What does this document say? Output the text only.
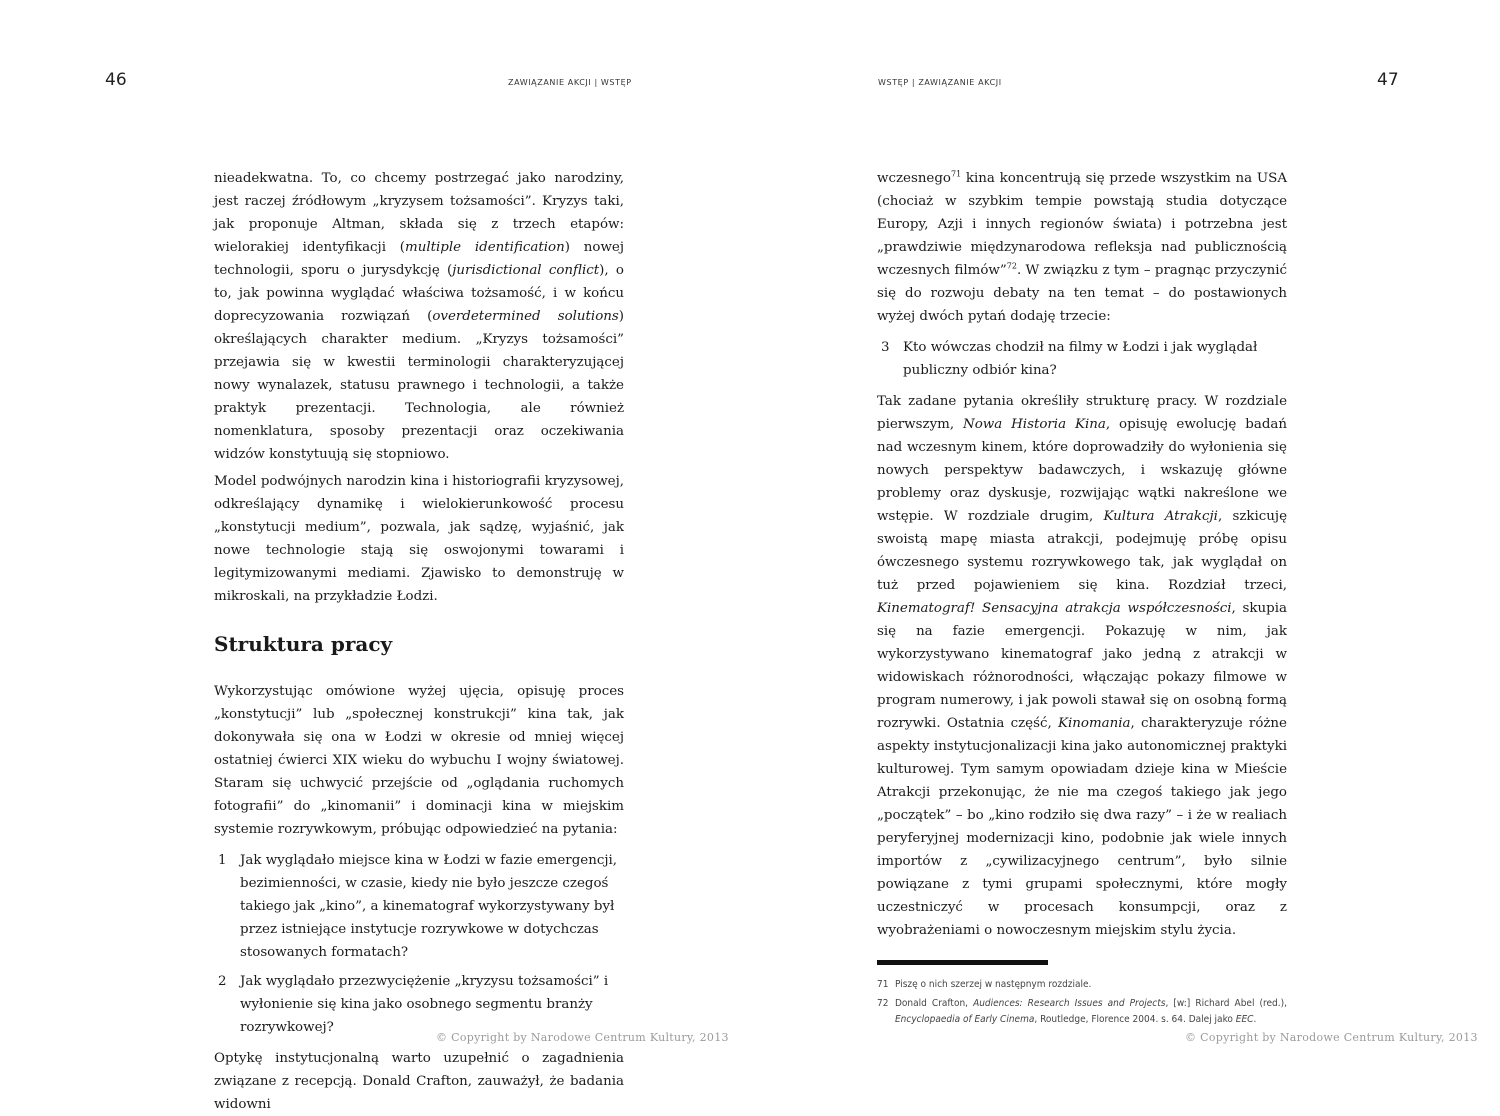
46	ZAWIĄZANIE AKCJI | WSTĘP

nieadekwatna. To, co chcemy postrzegać jako narodziny, jest raczej źródłowym „kryzysem tożsamości”. Kryzys taki, jak proponuje Altman, składa się z trzech etapów: wielorakiej identyfikacji (multiple identification) nowej technologii, sporu o jurysdykcję (jurisdictional conflict), o to, jak powinna wyglądać właściwa tożsamość, i w końcu doprecyzowania rozwiązań (overdetermined solutions) określających charakter medium. „Kryzys tożsamości” przejawia się w kwestii terminologii charakteryzującej nowy wynalazek, statusu prawnego i technologii, a także praktyk prezentacji. Technologia, ale również nomenklatura, sposoby prezentacji oraz oczekiwania widzów konstytuują się stopniowo.

Model podwójnych narodzin kina i historiografii kryzysowej, odkreślający dynamikę i wielokierunkowość procesu „konstytucji medium”, pozwala, jak sądzę, wyjaśnić, jak nowe technologie stają się oswojonymi towarami i legitymizowanymi mediami. Zjawisko to demonstruję w mikroskali, na przykładzie Łodzi.

Struktura pracy

Wykorzystując omówione wyżej ujęcia, opisuję proces „konstytucji” lub „społecznej konstrukcji” kina tak, jak dokonywała się ona w Łodzi w okresie od mniej więcej ostatniej ćwierci XIX wieku do wybuchu I wojny światowej. Staram się uchwycić przejście od „oglądania ruchomych fotografii” do „kinomanii” i dominacji kina w miejskim systemie rozrywkowym, próbując odpowiedzieć na pytania:

1	Jak wyglądało miejsce kina w Łodzi w fazie emergencji, bezimienności, w czasie, kiedy nie było jeszcze czegoś takiego jak „kino”, a kinematograf wykorzystywany był przez istniejące instytucje rozrywkowe w dotychczas stosowanych formatach?
2	Jak wyglądało przezwyciężenie „kryzysu tożsamości” i wyłonienie się kina jako osobnego segmentu branży rozrywkowej?

Optykę instytucjonalną warto uzupełnić o zagadnienia związane z recepcją. Donald Crafton, zauważył, że badania widowni

© Copyright by Narodowe Centrum Kultury, 2013
WSTĘP | ZAWIĄZANIE AKCJI	47

wczesnego$^{71}$ kina koncentrują się przede wszystkim na USA (chociaż w szybkim tempie powstają studia dotyczące Europy, Azji i innych regionów świata) i potrzebna jest „prawdziwie międzynarodowa refleksja nad publicznością wczesnych filmów”$^{72}$. W związku z tym – pragnąc przyczynić się do rozwoju debaty na ten temat – do postawionych wyżej dwóch pytań dodaję trzecie:

3	Kto wówczas chodził na filmy w Łodzi i jak wyglądał publiczny odbiór kina?

Tak zadane pytania określiły strukturę pracy. W rozdziale pierwszym, Nowa Historia Kina, opisuję ewolucję badań nad wczesnym kinem, które doprowadziły do wyłonienia się nowych perspektyw badawczych, i wskazuję główne problemy oraz dyskusje, rozwijając wątki nakreślone we wstępie. W rozdziale drugim, Kultura Atrakcji, szkicuję swoistą mapę miasta atrakcji, podejmuję próbę opisu ówczesnego systemu rozrywkowego tak, jak wyglądał on tuż przed pojawieniem się kina. Rozdział trzeci, Kinematograf! Sensacyjna atrakcja współczesności, skupia się na fazie emergencji. Pokazuję w nim, jak wykorzystywano kinematograf jako jedną z atrakcji w widowiskach różnorodności, włączając pokazy filmowe w program numerowy, i jak powoli stawał się on osobną formą rozrywki. Ostatnia część, Kinomania, charakteryzuje różne aspekty instytucjonalizacji kina jako autonomicznej praktyki kulturowej. Tym samym opowiadam dzieje kina w Mieście Atrakcji przekonując, że nie ma czegoś takiego jak jego „początek” – bo „kino rodziło się dwa razy” – i że w realiach peryferyjnej modernizacji kino, podobnie jak wiele innych importów z „cywilizacyjnego centrum”, było silnie powiązane z tymi grupami społecznymi, które mogły uczestniczyć w procesach konsumpcji, oraz z wyobrażeniami o nowoczesnym miejskim stylu życia.

71 Piszę o nich szerzej w następnym rozdziale.
72 Donald Crafton, Audiences: Research Issues and Projects, [w:] Richard Abel (red.), Encyclopaedia of Early Cinema, Routledge, Florence 2004. s. 64. Dalej jako EEC.
© Copyright by Narodowe Centrum Kultury, 2013
